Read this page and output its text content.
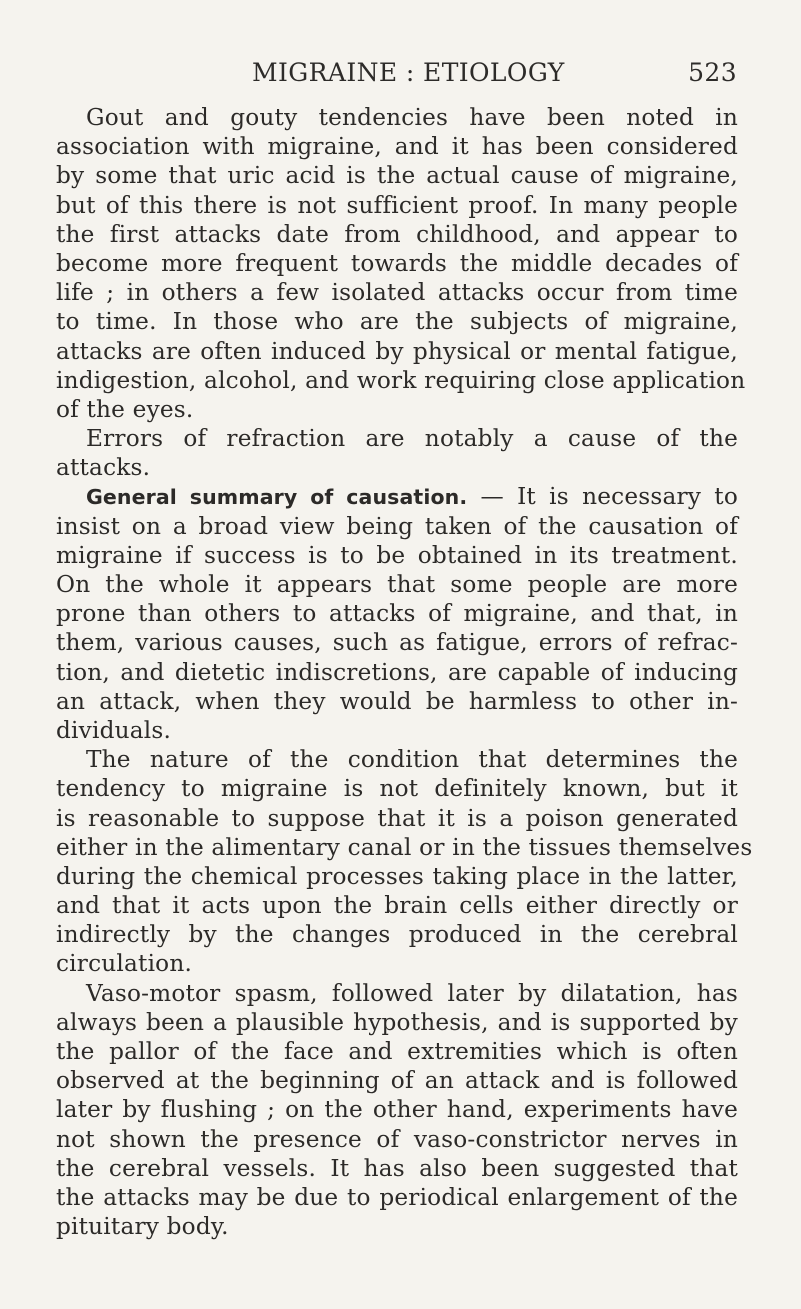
MIGRAINE : ETIOLOGY	523
Gout and gouty tendencies have been noted in
association with migraine, and it has been considered
by some that uric acid is the actual cause of migraine,
but of this there is not sufficient proof. In many people
the first attacks date from childhood, and appear to
become more frequent towards the middle decades of
life ; in others a few isolated attacks occur from time
to time. In those who are the subjects of migraine,
attacks are often induced by physical or mental fatigue,
indigestion, alcohol, and work requiring close application
of the eyes.
Errors of refraction are notably a cause of the
attacks.
General summary of causation. — It is necessary to
insist on a broad view being taken of the causation of
migraine if success is to be obtained in its treatment.
On the whole it appears that some people are more
prone than others to attacks of migraine, and that, in
them, various causes, such as fatigue, errors of refrac-
tion, and dietetic indiscretions, are capable of inducing
an attack, when they would be harmless to other in-
dividuals.
The nature of the condition that determines the
tendency to migraine is not definitely known, but it
is reasonable to suppose that it is a poison generated
either in the alimentary canal or in the tissues themselves
during the chemical processes taking place in the latter,
and that it acts upon the brain cells either directly or
indirectly by the changes produced in the cerebral
circulation.
Vaso-motor spasm, followed later by dilatation, has
always been a plausible hypothesis, and is supported by
the pallor of the face and extremities which is often
observed at the beginning of an attack and is followed
later by flushing ; on the other hand, experiments have
not shown the presence of vaso-constrictor nerves in
the cerebral vessels. It has also been suggested that
the attacks may be due to periodical enlargement of the
pituitary body.
